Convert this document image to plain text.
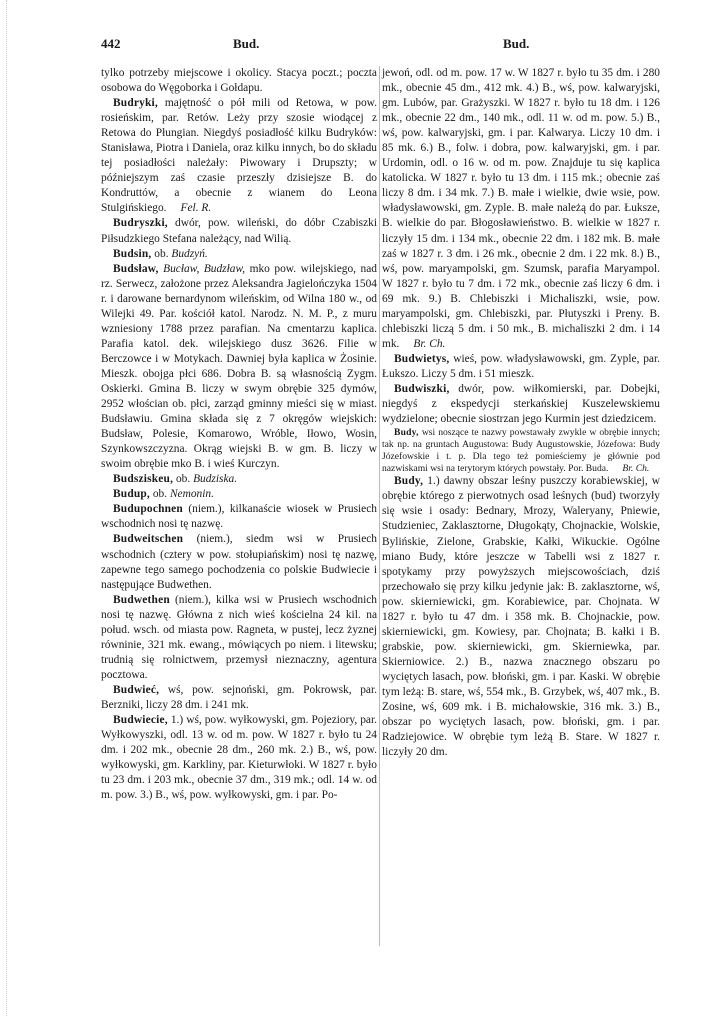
442	Bud.	Bud.

tylko potrzeby miejscowe i okolicy. Stacya poczt.; poczta osobowa do Węgoborka i Gołdapu.

Budryki, majętność o pół mili od Retowa, w pow. rosieńskim, par. Retów. Leży przy szosie wiodącej z Retowa do Płungian. Niegdyś posiadłość kilku Budryków: Stanisława, Piotra i Daniela, oraz kilku innych, bo do składu tej posiadłości należały: Piwowary i Drupszty; w późniejszym zaś czasie przeszły dzisiejsze B. do Kondruttów, a obecnie z wianem do Leona Stulgińskiego. Fel. R.

Budryszki, dwór, pow. wileński, do dóbr Czabiszki Piłsudzkiego Stefana należący, nad Wilią.

Budsin, ob. Budzyń.

Budsław, Bucław, Budzław, mko pow. wilejskiego, nad rz. Serwecz, założone przez Aleksandra Jagielończyka 1504 r. i darowane bernardynom wileńskim, od Wilna 180 w., od Wilejki 49. Par. kościół katol. Narodz. N. M. P., z muru wzniesiony 1788 przez parafian. Na cmentarzu kaplica. Parafia katol. dek. wilejskiego dusz 3626. Filie w Berczowce i w Motykach. Dawniej była kaplica w Żosinie. Mieszk. obojga płci 686. Dobra B. są własnością Zygm. Oskierki. Gmina B. liczy w swym obrębie 325 dymów, 2952 włościan ob. płci, zarząd gminny mieści się w miast. Budsławiu. Gmina składa się z 7 okręgów wiejskich: Budsław, Polesie, Komarowo, Wróble, Iłowo, Wosin, Szynkowszczyzna. Okrąg wiejski B. w gm. B. liczy w swoim obrębie mko B. i wieś Kurczyn.

Budsziskeu, ob. Budziska.

Budup, ob. Nemonin.

Budupochnen (niem.), kilkanaście wiosek w Prusiech wschodnich nosi tę nazwę.

Budweitschen (niem.), siedm wsi w Prusiech wschodnich (cztery w pow. stołupiańskim) nosi tę nazwę, zapewne tego samego pochodzenia co polskie Budwiecie i następujące Budwethen.

Budwethen (niem.), kilka wsi w Prusiech wschodnich nosi tę nazwę. Główna z nich wieś kościelna 24 kil. na połud. wsch. od miasta pow. Ragneta, w pustej, lecz żyznej równinie, 321 mk. ewang., mówiących po niem. i litewsku; trudnią się rolnictwem, przemysł nieznaczny, agentura pocztowa.

Budwieć, wś, pow. sejnoński, gm. Pokrowsk, par. Berzniki, liczy 28 dm. i 241 mk.

Budwiecie, 1.) wś, pow. wyłkowyski, gm. Pojeziory, par. Wyłkowyszki, odl. 13 w. od m. pow. W 1827 r. było tu 24 dm. i 202 mk., obecnie 28 dm., 260 mk. 2.) B., wś, pow. wyłkowyski, gm. Karkliny, par. Kieturwłoki. W 1827 r. było tu 23 dm. i 203 mk., obecnie 37 dm., 319 mk.; odl. 14 w. od m. pow. 3.) B., wś, pow. wyłkowyski, gm. i par. Po-

jewoń, odl. od m. pow. 17 w. W 1827 r. było tu 35 dm. i 280 mk., obecnie 45 dm., 412 mk. 4.) B., wś, pow. kalwaryjski, gm. Lubów, par. Grażyszki. W 1827 r. było tu 18 dm. i 126 mk., obecnie 22 dm., 140 mk., odl. 11 w. od m. pow. 5.) B., wś, pow. kalwaryjski, gm. i par. Kalwarya. Liczy 10 dm. i 85 mk. 6.) B., folw. i dobra, pow. kalwaryjski, gm. i par. Urdomin, odl. o 16 w. od m. pow. Znajduje tu się kaplica katolicka. W 1827 r. było tu 13 dm. i 115 mk.; obecnie zaś liczy 8 dm. i 34 mk. 7.) B. małe i wielkie, dwie wsie, pow. władysławowski, gm. Zyple. B. małe należą do par. Łuksze, B. wielkie do par. Błogosławieństwo. B. wielkie w 1827 r. liczyły 15 dm. i 134 mk., obecnie 22 dm. i 182 mk. B. małe zaś w 1827 r. 3 dm. i 26 mk., obecnie 2 dm. i 22 mk. 8.) B., wś, pow. maryampolski, gm. Szumsk, parafia Maryampol. W 1827 r. było tu 7 dm. i 72 mk., obecnie zaś liczy 6 dm. i 69 mk. 9.) B. Chlebiszki i Michaliszki, wsie, pow. maryampolski, gm. Chlebiszki, par. Płutyszki i Preny. B. chlebiszki liczą 5 dm. i 50 mk., B. michaliszki 2 dm. i 14 mk. Br. Ch.

Budwietys, wieś, pow. władysławowski, gm. Zyple, par. Łukszo. Liczy 5 dm. i 51 mieszk.

Budwiszki, dwór, pow. wiłkomierski, par. Dobejki, niegdyś z ekspedycji sterkańskiej Kuszelewskiemu wydzielone; obecnie siostrzan jego Kurmin jest dziedzicem.

Budy, wsi noszące te nazwy powstawały zwykle w obrębie innych; tak np. na gruntach Augustowa: Budy Augustowskie, Józefowa: Budy Józefowskie i t. p. Dla tego też pomieściemy je głównie pod nazwiskami wsi na terytorym których powstały. Por. Buda. Br. Ch.

Budy, 1.) dawny obszar leśny puszczy korabiewskiej, w obrębie którego z pierwotnych osad leśnych (bud) tworzyły się wsie i osady: Bednary, Mrozy, Waleryany, Pniewie, Studzieniec, Zaklasztorne, Długokąty, Chojnackie, Wolskie, Bylińskie, Zielone, Grabskie, Kałki, Wikuckie. Ogólne miano Budy, które jeszcze w Tabelli wsi z 1827 r. spotykamy przy powyższych miejscowościach, dziś przechowało się przy kilku jedynie jak: B. zaklasztorne, wś, pow. skierniewicki, gm. Korabiewice, par. Chojnata. W 1827 r. było tu 47 dm. i 358 mk. B. Chojnackie, pow. skierniewicki, gm. Kowiesy, par. Chojnata; B. kałki i B. grabskie, pow. skierniewicki, gm. Skierniewka, par. Skierniowice. 2.) B., nazwa znacznego obszaru po wyciętych lasach, pow. błoński, gm. i par. Kaski. W obrębie tym leżą: B. stare, wś, 554 mk., B. Grzybek, wś, 407 mk., B. Zosine, wś, 609 mk. i B. michałowskie, 316 mk. 3.) B., obszar po wyciętych lasach, pow. błoński, gm. i par. Radziejowice. W obrębie tym leżą B. Stare. W 1827 r. liczyły 20 dm.
